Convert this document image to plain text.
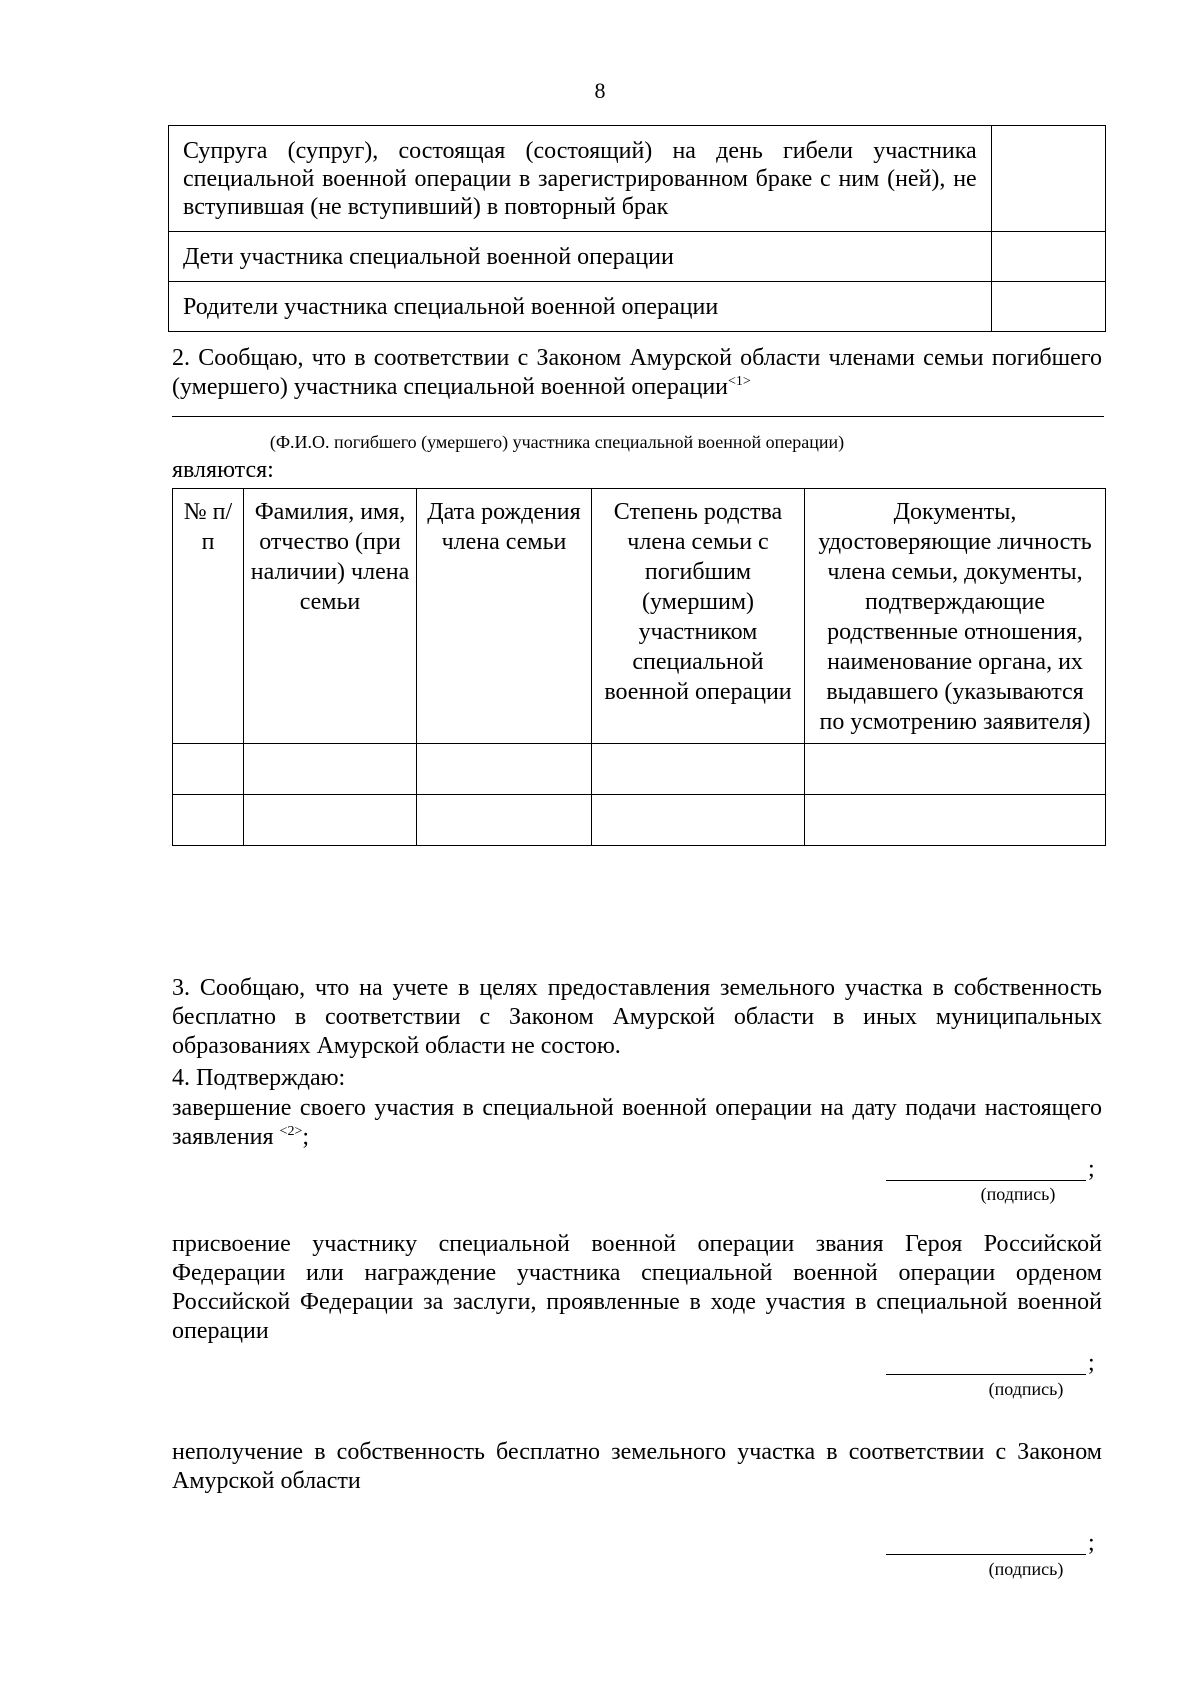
8
Супруга (супруг), состоящая (состоящий) на день гибели участника специальной военной операции в зарегистрированном браке с ним (ней), не вступившая (не вступивший) в повторный брак	
Дети участника специальной военной операции	
Родители участника специальной военной операции	
2. Сообщаю, что в соответствии с Законом Амурской области членами семьи погибшего (умершего) участника специальной военной операции$^{<1>}$
(Ф.И.О. погибшего (умершего) участника специальной военной операции)
являются:
№ п/п	Фамилия, имя, отчество (при наличии) члена семьи	Дата рождения члена семьи	Степень родства члена семьи с погибшим (умершим) участником специальной военной операции	Документы, удостоверяющие личность члена семьи, документы, подтверждающие родственные отношения, наименование органа, их выдавшего (указываются по усмотрению заявителя)

3. Сообщаю, что на учете в целях предоставления земельного участка в собственность бесплатно в соответствии с Законом Амурской области в иных муниципальных образованиях Амурской области не состою.
4. Подтверждаю:
завершение своего участия в специальной военной операции на дату подачи настоящего заявления $^{<2>}$;
;
(подпись)
присвоение участнику специальной военной операции звания Героя Российской Федерации или награждение участника специальной военной операции орденом Российской Федерации за заслуги, проявленные в ходе участия в специальной военной операции
;
(подпись)
неполучение в собственность бесплатно земельного участка в соответствии с Законом Амурской области
;
(подпись)
